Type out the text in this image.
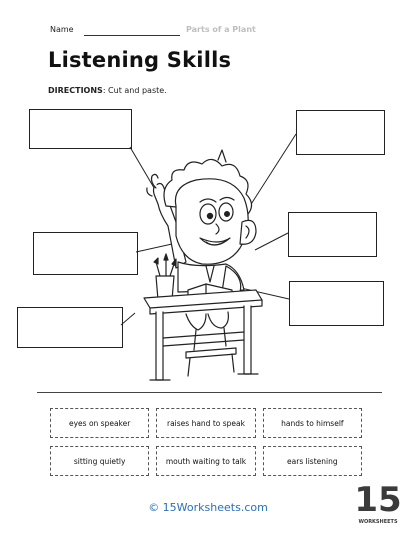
Name	Parts of a Plant
Listening Skills
DIRECTIONS: Cut and paste.
eyes on speaker	raises hand to speak	hands to himself
sitting quietly	mouth waiting to talk	ears listening
© 15Worksheets.com	15
WORKSHEETS
